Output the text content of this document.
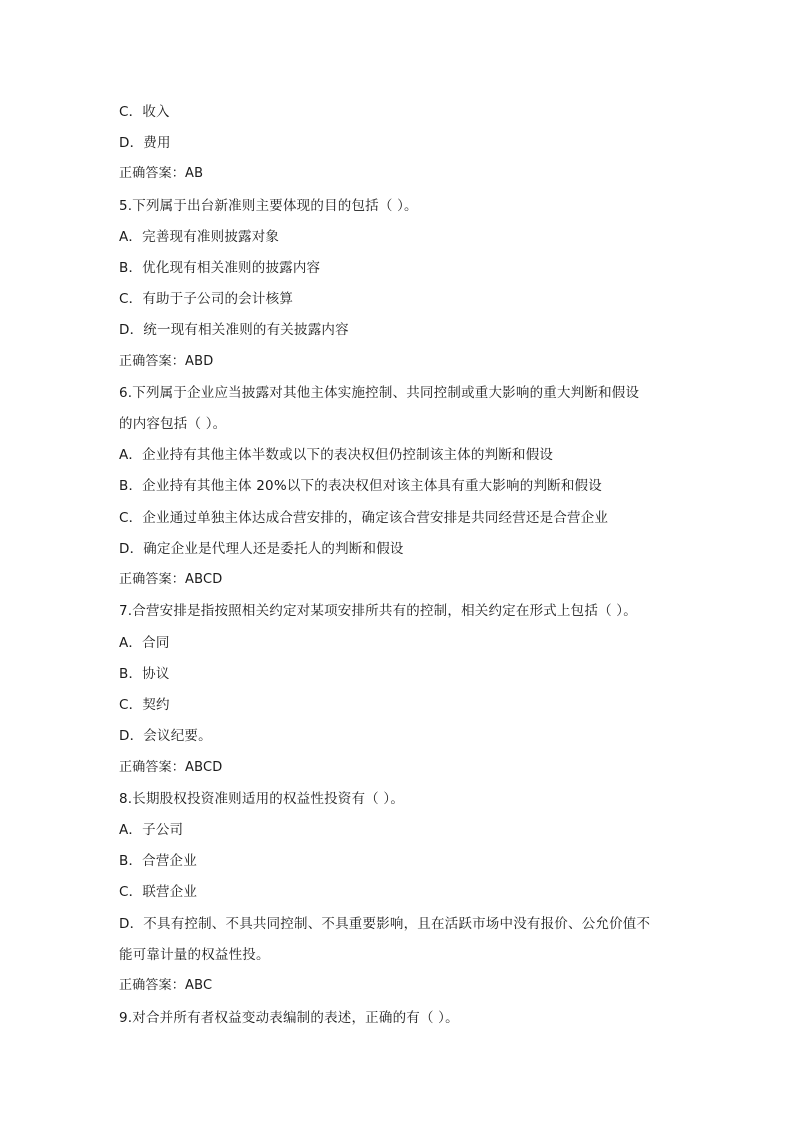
C．收入
D．费用
正确答案：AB
5.下列属于出台新准则主要体现的目的包括（ ）。
A．完善现有准则披露对象
B．优化现有相关准则的披露内容
C．有助于子公司的会计核算
D．统一现有相关准则的有关披露内容
正确答案：ABD
6.下列属于企业应当披露对其他主体实施控制、共同控制或重大影响的重大判断和假设
的内容包括（ ）。
A．企业持有其他主体半数或以下的表决权但仍控制该主体的判断和假设
B．企业持有其他主体 20%以下的表决权但对该主体具有重大影响的判断和假设
C．企业通过单独主体达成合营安排的，确定该合营安排是共同经营还是合营企业
D．确定企业是代理人还是委托人的判断和假设
正确答案：ABCD
7.合营安排是指按照相关约定对某项安排所共有的控制，相关约定在形式上包括（ ）。
A．合同
B．协议
C．契约
D．会议纪要。
正确答案：ABCD
8.长期股权投资准则适用的权益性投资有（ ）。
A．子公司
B．合营企业
C．联营企业
D．不具有控制、不具共同控制、不具重要影响，且在活跃市场中没有报价、公允价值不
能可靠计量的权益性投。
正确答案：ABC
9.对合并所有者权益变动表编制的表述，正确的有（ ）。
